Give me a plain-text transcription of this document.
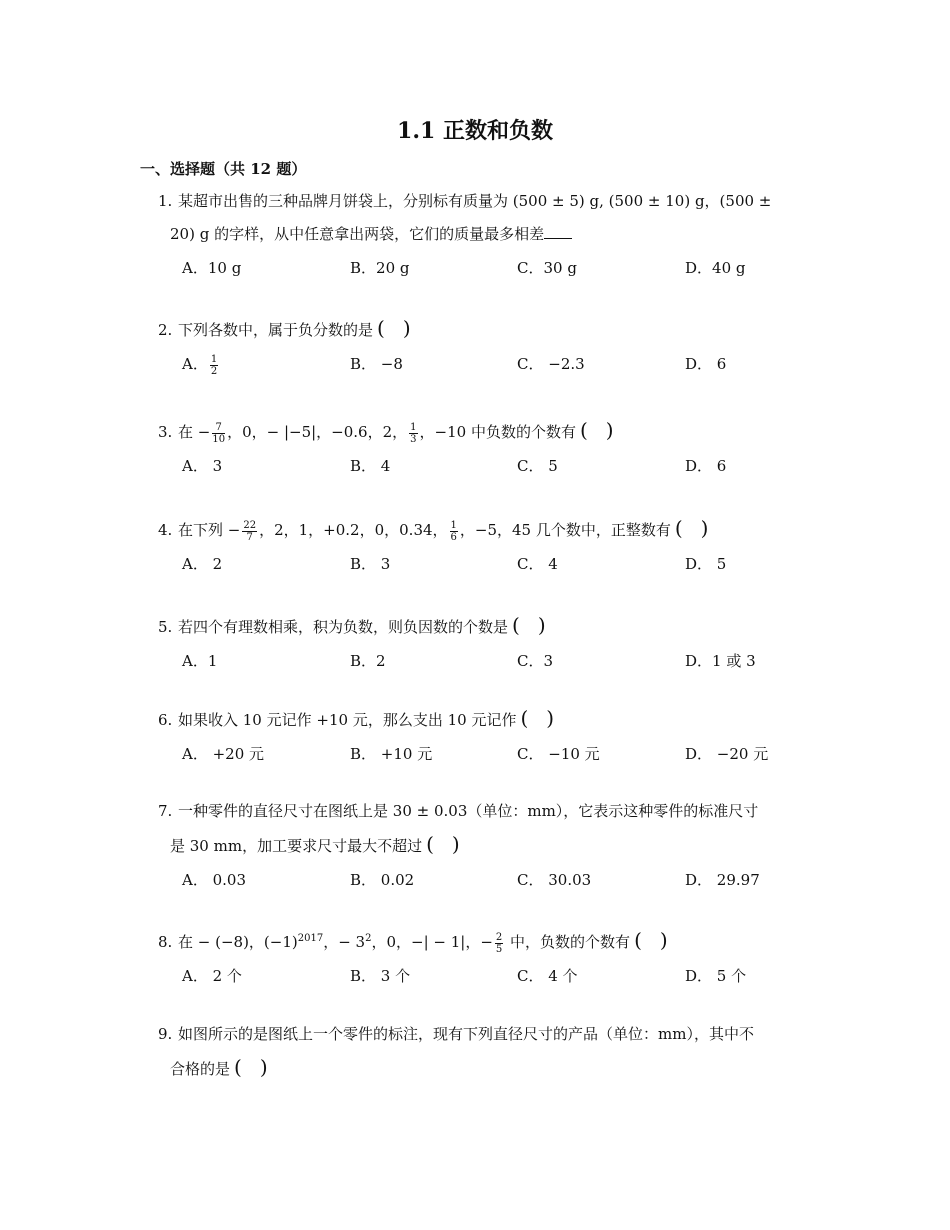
1.1 正数和负数
一、选择题（共 12 题）
1. 某超市出售的三种品牌月饼袋上，分别标有质量为 (500 ± 5) g, (500 ± 10) g，(500 ±
20) g 的字样，从中任意拿出两袋，它们的质量最多相差
A．10 g	B．20 g	C．30 g	D．40 g
2. 下列各数中，属于负分数的是 ()
A． $\frac{1}{2}$	B． −8	C． −2.3	D． 6
3. 在 − $\frac{7}{10}$ ，0，− |−5|，−0.6，2， $\frac{1}{3}$ ，−10 中负数的个数有 ()
A． 3	B． 4	C． 5	D． 6
4. 在下列 − $\frac{22}{7}$ ，2，1，+0.2，0，0.34， $\frac{1}{6}$ ，−5，45 几个数中，正整数有 ()
A． 2	B． 3	C． 4	D． 5
5. 若四个有理数相乘，积为负数，则负因数的个数是 ()
A．1	B．2	C．3	D．1 或 3
6. 如果收入 10 元记作 +10 元，那么支出 10 元记作 ()
A． +20 元	B． +10 元	C． −10 元	D． −20 元
7. 一种零件的直径尺寸在图纸上是 30 ± 0.03（单位：mm），它表示这种零件的标准尺寸
是 30 mm，加工要求尺寸最大不超过 ()
A． 0.03	B． 0.02	C． 30.03	D． 29.97
8. 在 − (−8)，$(-1)^{2017}$，− $3^2$，0，−| − 1|，− $\frac{2}{5}$ 中，负数的个数有 ()
A． 2 个	B． 3 个	C． 4 个	D． 5 个
9. 如图所示的是图纸上一个零件的标注，现有下列直径尺寸的产品（单位：mm），其中不
合格的是 ()
